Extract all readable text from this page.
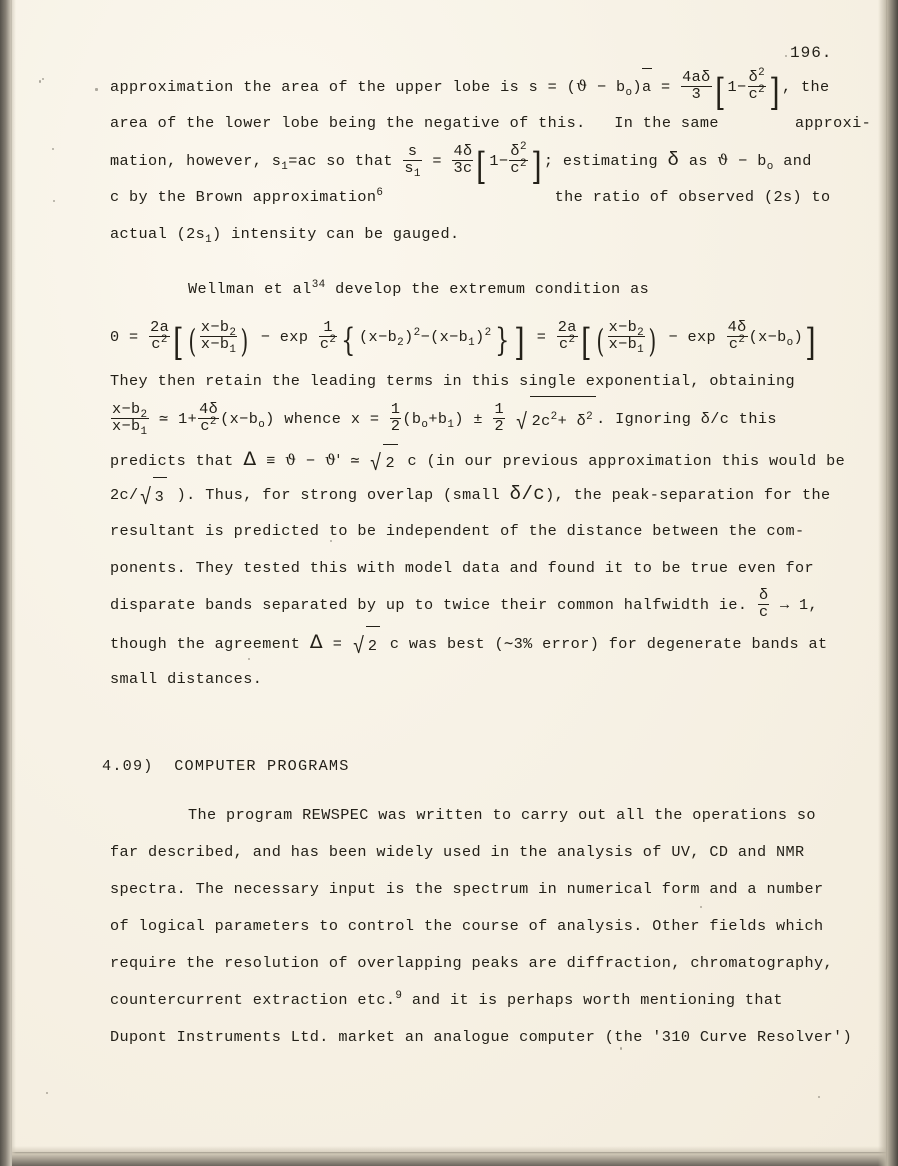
196.
approximation the area of the upper lobe is $s = (ϑ - b_o)a = \frac{4a\delta}{3}$ [ $1- \frac{\delta^2}{c^2}$ ] , the
area of the lower lobe being the negative of this. In the same	approxi-
mation, however, $s_1=ac$ so that $\frac{s}{s_1} = \frac{4\delta}{3c}$ [ $1- \frac{\delta^2}{c^2}$ ] ; estimating δ as $ϑ - b_o$ and
c by the Brown approximation$^6$	the ratio of observed (2s) to
actual $(2s_1)$ intensity can be gauged.
Wellman et $al^{34}$ develop the extremum condition as
$0 = \frac{2a}{c^2}$ [ ( $\frac{x-b_2}{x-b_1}$ ) − $\exp \frac{1}{c^2}$ { $(x-b_2)^2-(x-b_1)^2$} ] = $\frac{2a}{c^2}$ [ ( $\frac{x-b_2}{x-b_1}$ ) − $\exp \frac{4\delta}{c^2} (x-b_o)$]
They then retain the leading terms in this single exponential, obtaining
$\frac{x-b_2}{x-b_1}$ ≃ $1+ \frac{4\delta}{c^2} (x-b_o)$ whence $x = \frac{1}{2} (b_o+b_1) \pm \frac{1}{2}$ √ $2c^2+ \delta^2$ . Ignoring δ/c this
predicts that Δ ≡ ϑ − ϑ' ≃ √ 2 c (in our previous approximation this would be
2c/√ 3 ). Thus, for strong overlap (small δ/c), the peak-separation for the
resultant is predicted to be independent of the distance between the com-
ponents. They tested this with model data and found it to be true even for
disparate bands separated by up to twice their common halfwidth ie. $\frac{\delta}{c} \to 1$,
though the agreement Δ = √ 2 c was best (∼3% error) for degenerate bands at
small distances.
4.09) COMPUTER PROGRAMS
The program REWSPEC was written to carry out all the operations so
far described, and has been widely used in the analysis of UV, CD and NMR
spectra. The necessary input is the spectrum in numerical form and a number
of logical parameters to control the course of analysis. Other fields which
require the resolution of overlapping peaks are diffraction, chromatography,
countercurrent extraction etc.$^9$ and it is perhaps worth mentioning that
Dupont Instruments Ltd. market an analogue computer (the '310 Curve Resolver')
